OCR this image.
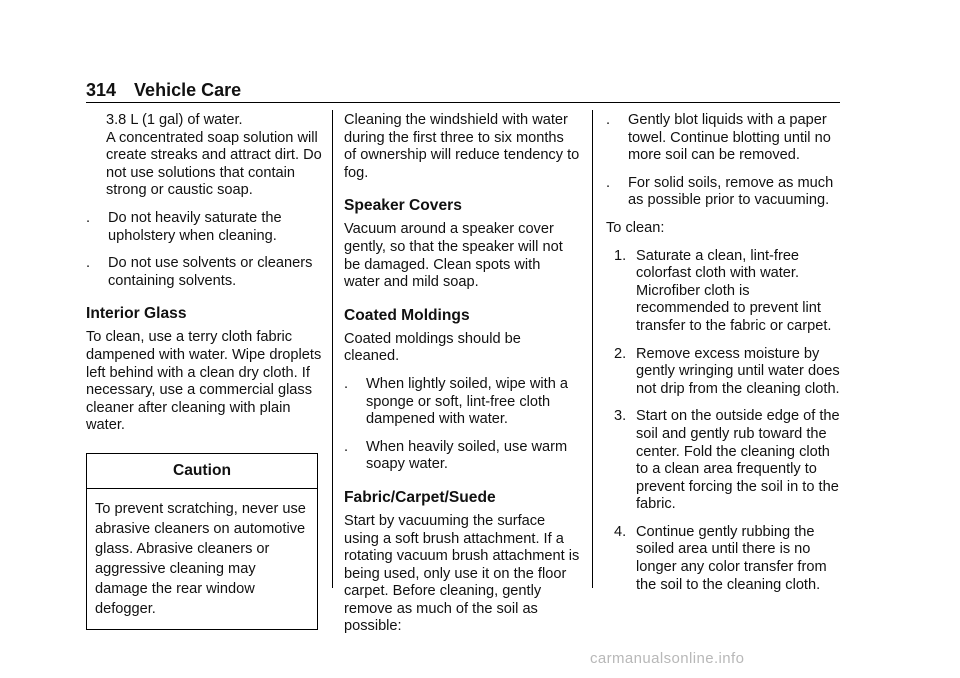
314 Vehicle Care

3.8 L (1 gal) of water.
A concentrated soap solution will create streaks and attract dirt. Do not use solutions that contain strong or caustic soap.

. Do not heavily saturate the upholstery when cleaning.
. Do not use solvents or cleaners containing solvents.
Interior Glass

To clean, use a terry cloth fabric dampened with water. Wipe droplets left behind with a clean dry cloth. If necessary, use a commercial glass cleaner after cleaning with plain water.

Caution
To prevent scratching, never use abrasive cleaners on automotive glass. Abrasive cleaners or aggressive cleaning may damage the rear window defogger.

Cleaning the windshield with water during the first three to six months of ownership will reduce tendency to fog.

Speaker Covers

Vacuum around a speaker cover gently, so that the speaker will not be damaged. Clean spots with water and mild soap.

Coated Moldings

Coated moldings should be cleaned.

. When lightly soiled, wipe with a sponge or soft, lint-free cloth dampened with water.
. When heavily soiled, use warm soapy water.
Fabric/Carpet/Suede

Start by vacuuming the surface using a soft brush attachment. If a rotating vacuum brush attachment is being used, only use it on the floor carpet. Before cleaning, gently remove as much of the soil as possible:

. Gently blot liquids with a paper towel. Continue blotting until no more soil can be removed.
. For solid soils, remove as much as possible prior to vacuuming.

To clean:

1. Saturate a clean, lint-free colorfast cloth with water. Microfiber cloth is recommended to prevent lint transfer to the fabric or carpet.
2. Remove excess moisture by gently wringing until water does not drip from the cleaning cloth.
3. Start on the outside edge of the soil and gently rub toward the center. Fold the cleaning cloth to a clean area frequently to prevent forcing the soil in to the fabric.
4. Continue gently rubbing the soiled area until there is no longer any color transfer from the soil to the cleaning cloth.
carmanualsonline.info
